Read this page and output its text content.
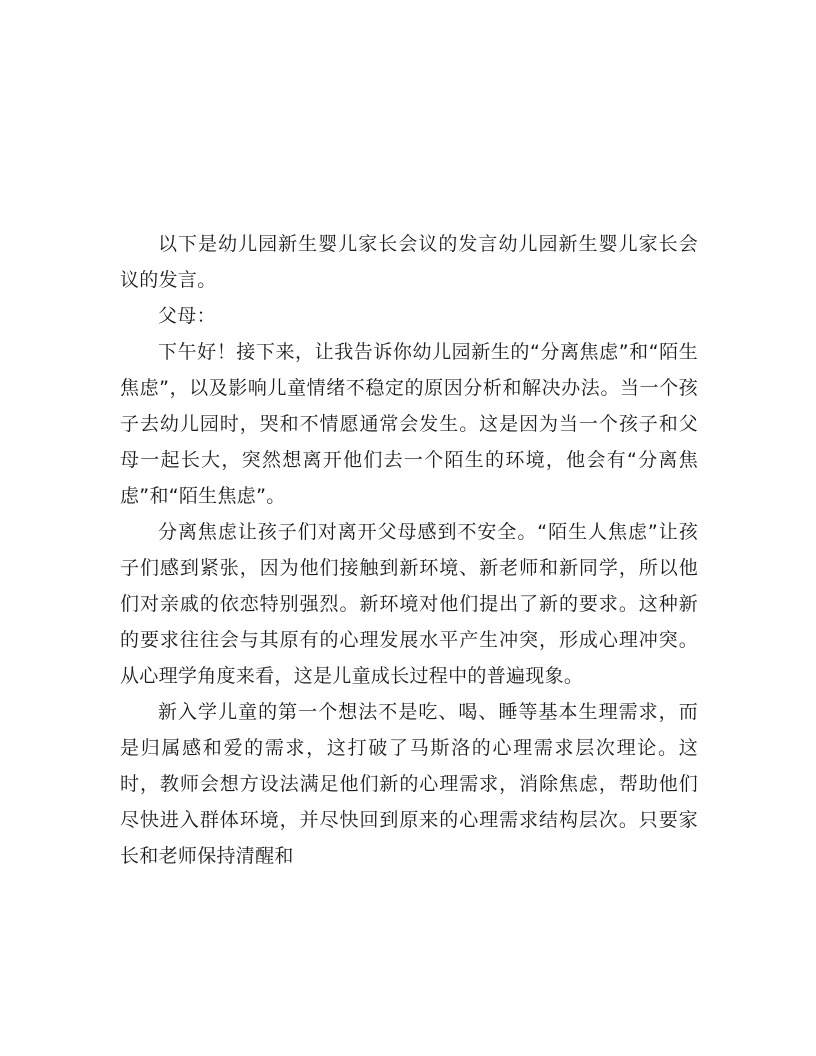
以下是幼儿园新生婴儿家长会议的发言幼儿园新生婴儿家长会议的发言。

父母：

下午好！接下来，让我告诉你幼儿园新生的“分离焦虑”和“陌生焦虑”，以及影响儿童情绪不稳定的原因分析和解决办法。当一个孩子去幼儿园时，哭和不情愿通常会发生。这是因为当一个孩子和父母一起长大，突然想离开他们去一个陌生的环境，他会有“分离焦虑”和“陌生焦虑”。

分离焦虑让孩子们对离开父母感到不安全。“陌生人焦虑”让孩子们感到紧张，因为他们接触到新环境、新老师和新同学，所以他们对亲戚的依恋特别强烈。新环境对他们提出了新的要求。这种新的要求往往会与其原有的心理发展水平产生冲突，形成心理冲突。从心理学角度来看，这是儿童成长过程中的普遍现象。

新入学儿童的第一个想法不是吃、喝、睡等基本生理需求，而是归属感和爱的需求，这打破了马斯洛的心理需求层次理论。这时，教师会想方设法满足他们新的心理需求，消除焦虑，帮助他们尽快进入群体环境，并尽快回到原来的心理需求结构层次。只要家长和老师保持清醒和
